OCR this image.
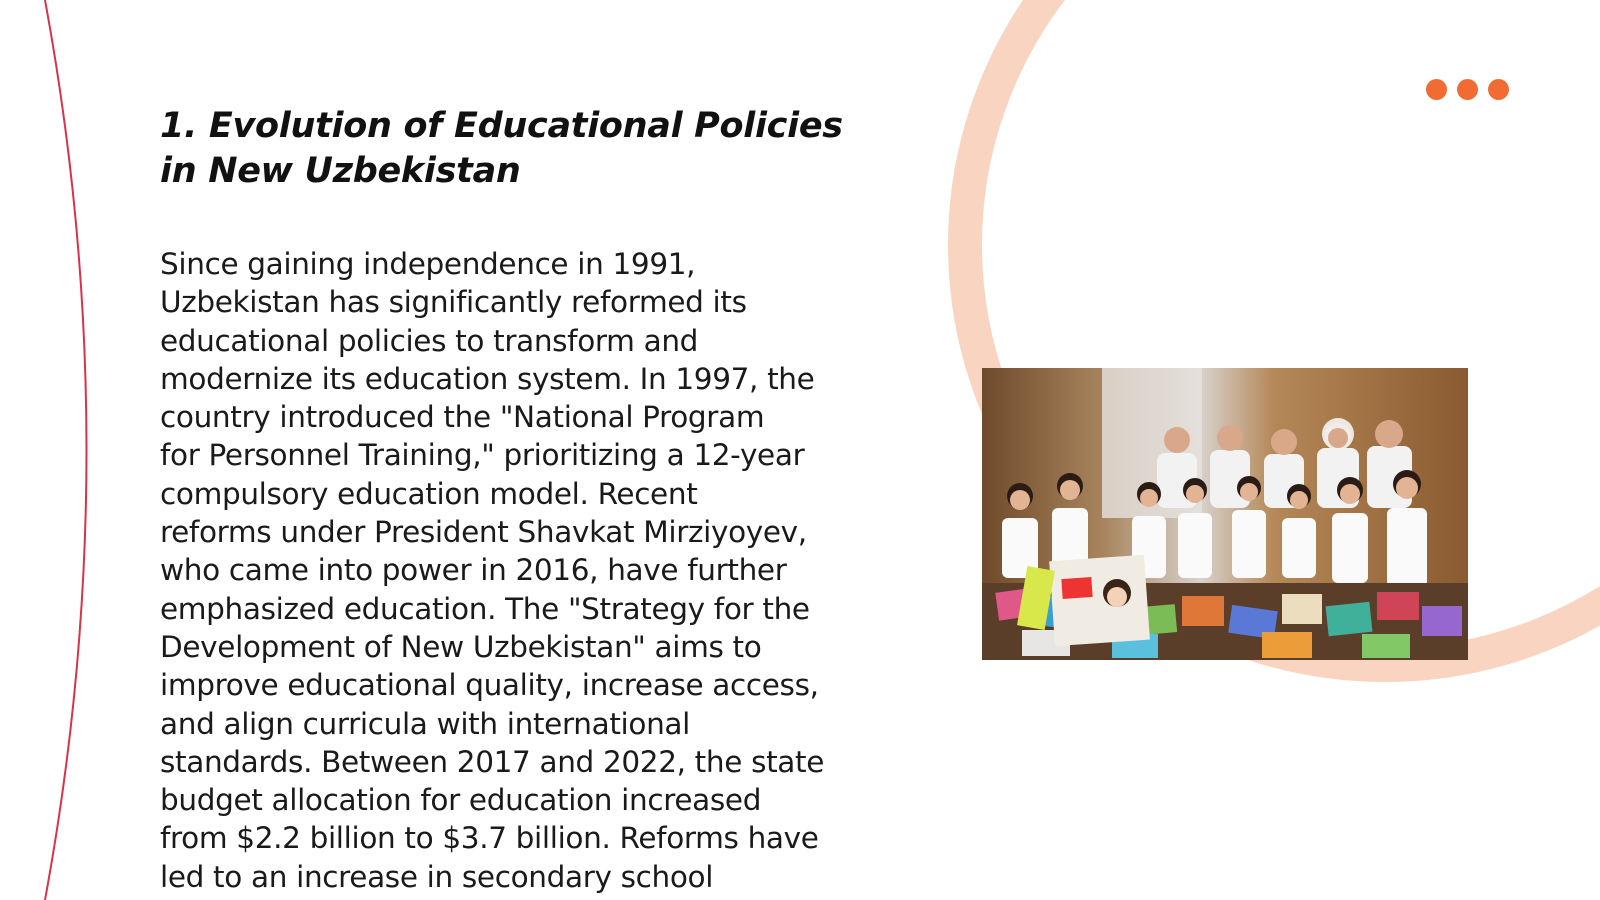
1. Evolution of Educational Policies in New Uzbekistan

Since gaining independence in 1991,
Uzbekistan has significantly reformed its
educational policies to transform and
modernize its education system. In 1997, the
country introduced the "National Program
for Personnel Training," prioritizing a 12-year
compulsory education model. Recent
reforms under President Shavkat Mirziyoyev,
who came into power in 2016, have further
emphasized education. The "Strategy for the
Development of New Uzbekistan" aims to
improve educational quality, increase access,
and align curricula with international
standards. Between 2017 and 2022, the state
budget allocation for education increased
from $2.2 billion to $3.7 billion. Reforms have
led to an increase in secondary school
